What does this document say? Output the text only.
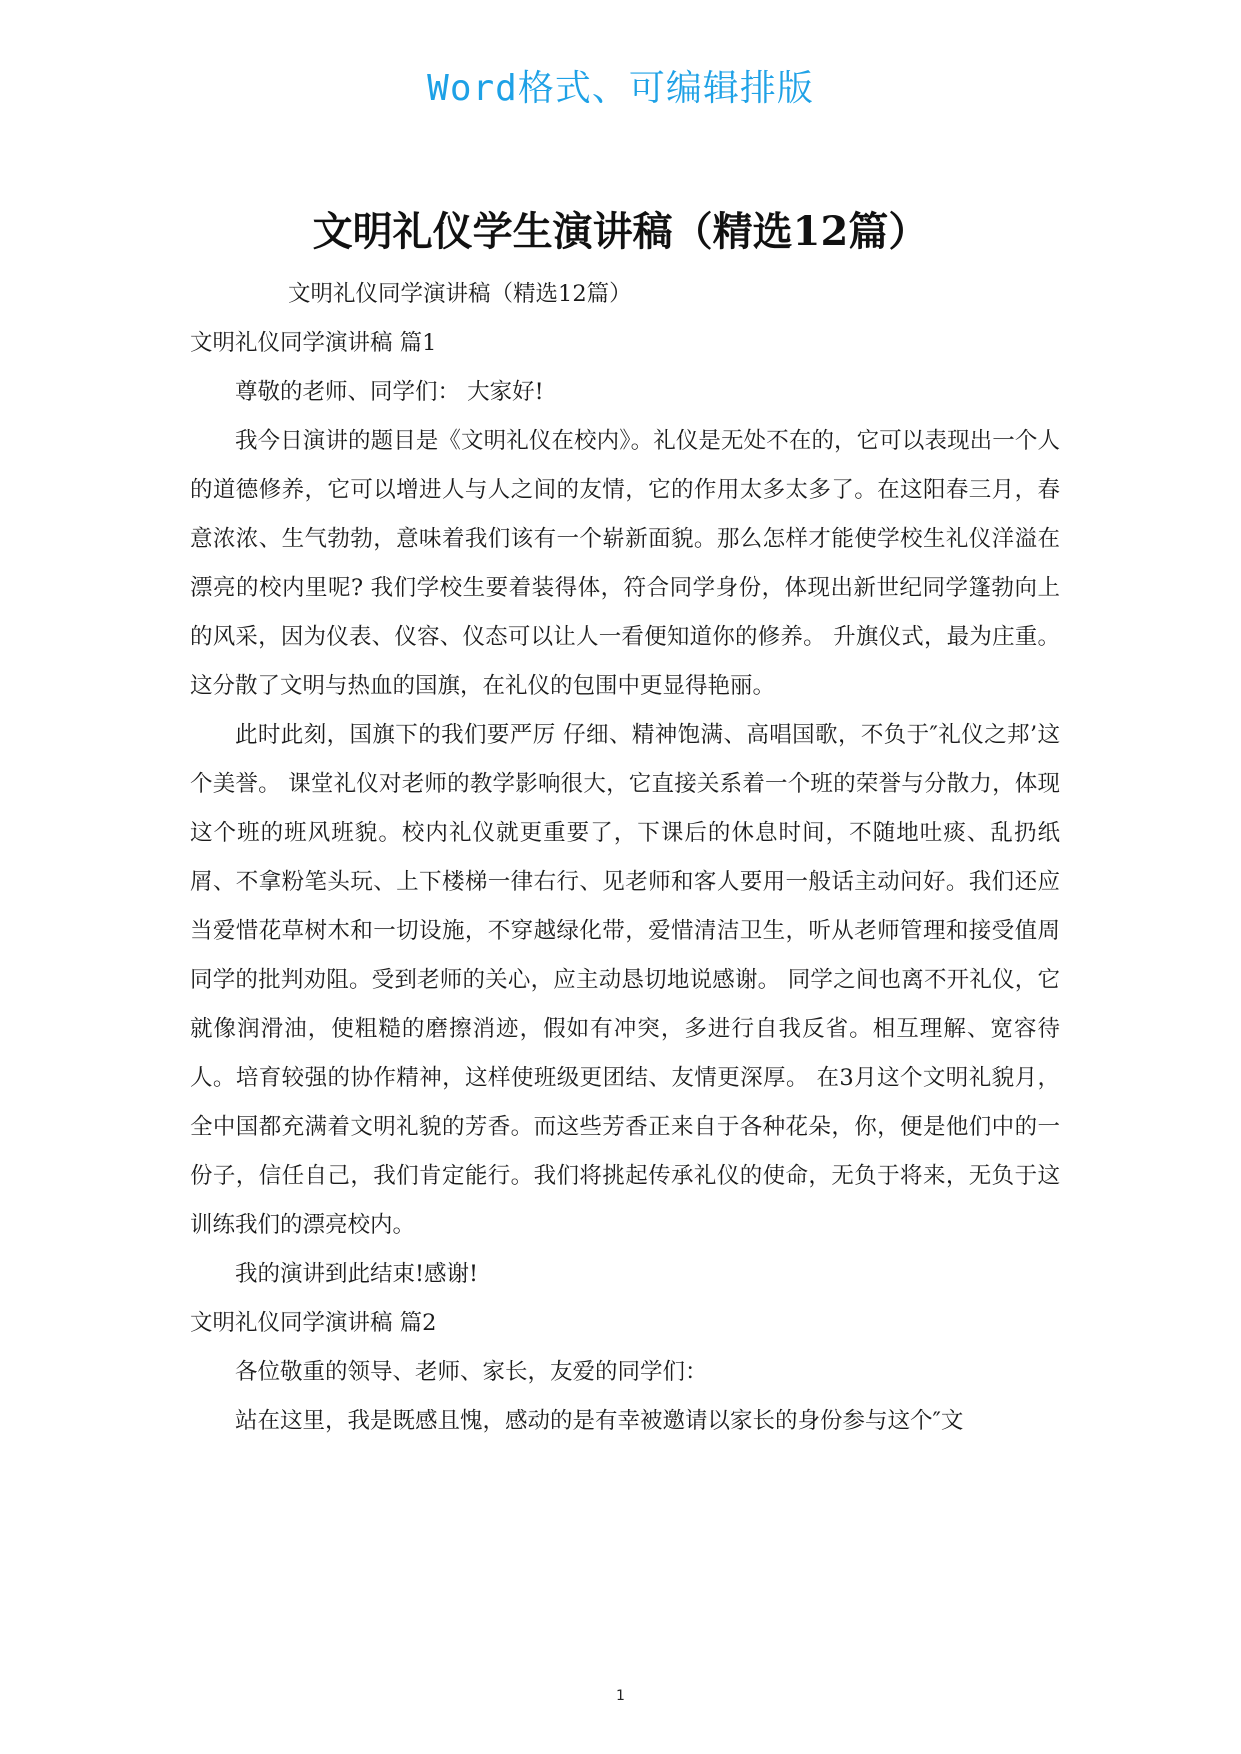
Word格式、可编辑排版
文明礼仪学生演讲稿（精选12篇）

文明礼仪同学演讲稿（精选12篇）

文明礼仪同学演讲稿 篇1

尊敬的老师、同学们： 大家好!

我今日演讲的题目是《文明礼仪在校内》。礼仪是无处不在的，它可以表现出一个人的道德修养，它可以增进人与人之间的友情，它的作用太多太多了。在这阳春三月，春意浓浓、生气勃勃，意味着我们该有一个崭新面貌。那么怎样才能使学校生礼仪洋溢在漂亮的校内里呢? 我们学校生要着装得体，符合同学身份，体现出新世纪同学篷勃向上的风采，因为仪表、仪容、仪态可以让人一看便知道你的修养。 升旗仪式，最为庄重。这分散了文明与热血的国旗，在礼仪的包围中更显得艳丽。

此时此刻，国旗下的我们要严厉 仔细、精神饱满、高唱国歌，不负于″礼仪之邦’这个美誉。 课堂礼仪对老师的教学影响很大，它直接关系着一个班的荣誉与分散力，体现这个班的班风班貌。校内礼仪就更重要了，下课后的休息时间，不随地吐痰、乱扔纸屑、不拿粉笔头玩、上下楼梯一律右行、见老师和客人要用一般话主动问好。我们还应当爱惜花草树木和一切设施，不穿越绿化带，爱惜清洁卫生，听从老师管理和接受值周同学的批判劝阻。受到老师的关心，应主动恳切地说感谢。 同学之间也离不开礼仪，它就像润滑油，使粗糙的磨擦消迹，假如有冲突，多进行自我反省。相互理解、宽容待人。培育较强的协作精神，这样使班级更团结、友情更深厚。 在3月这个文明礼貌月，全中国都充满着文明礼貌的芳香。而这些芳香正来自于各种花朵，你，便是他们中的一份子，信任自己，我们肯定能行。我们将挑起传承礼仪的使命，无负于将来，无负于这训练我们的漂亮校内。

我的演讲到此结束!感谢!

文明礼仪同学演讲稿 篇2

各位敬重的领导、老师、家长，友爱的同学们：

站在这里，我是既感且愧，感动的是有幸被邀请以家长的身份参与这个″文

1
